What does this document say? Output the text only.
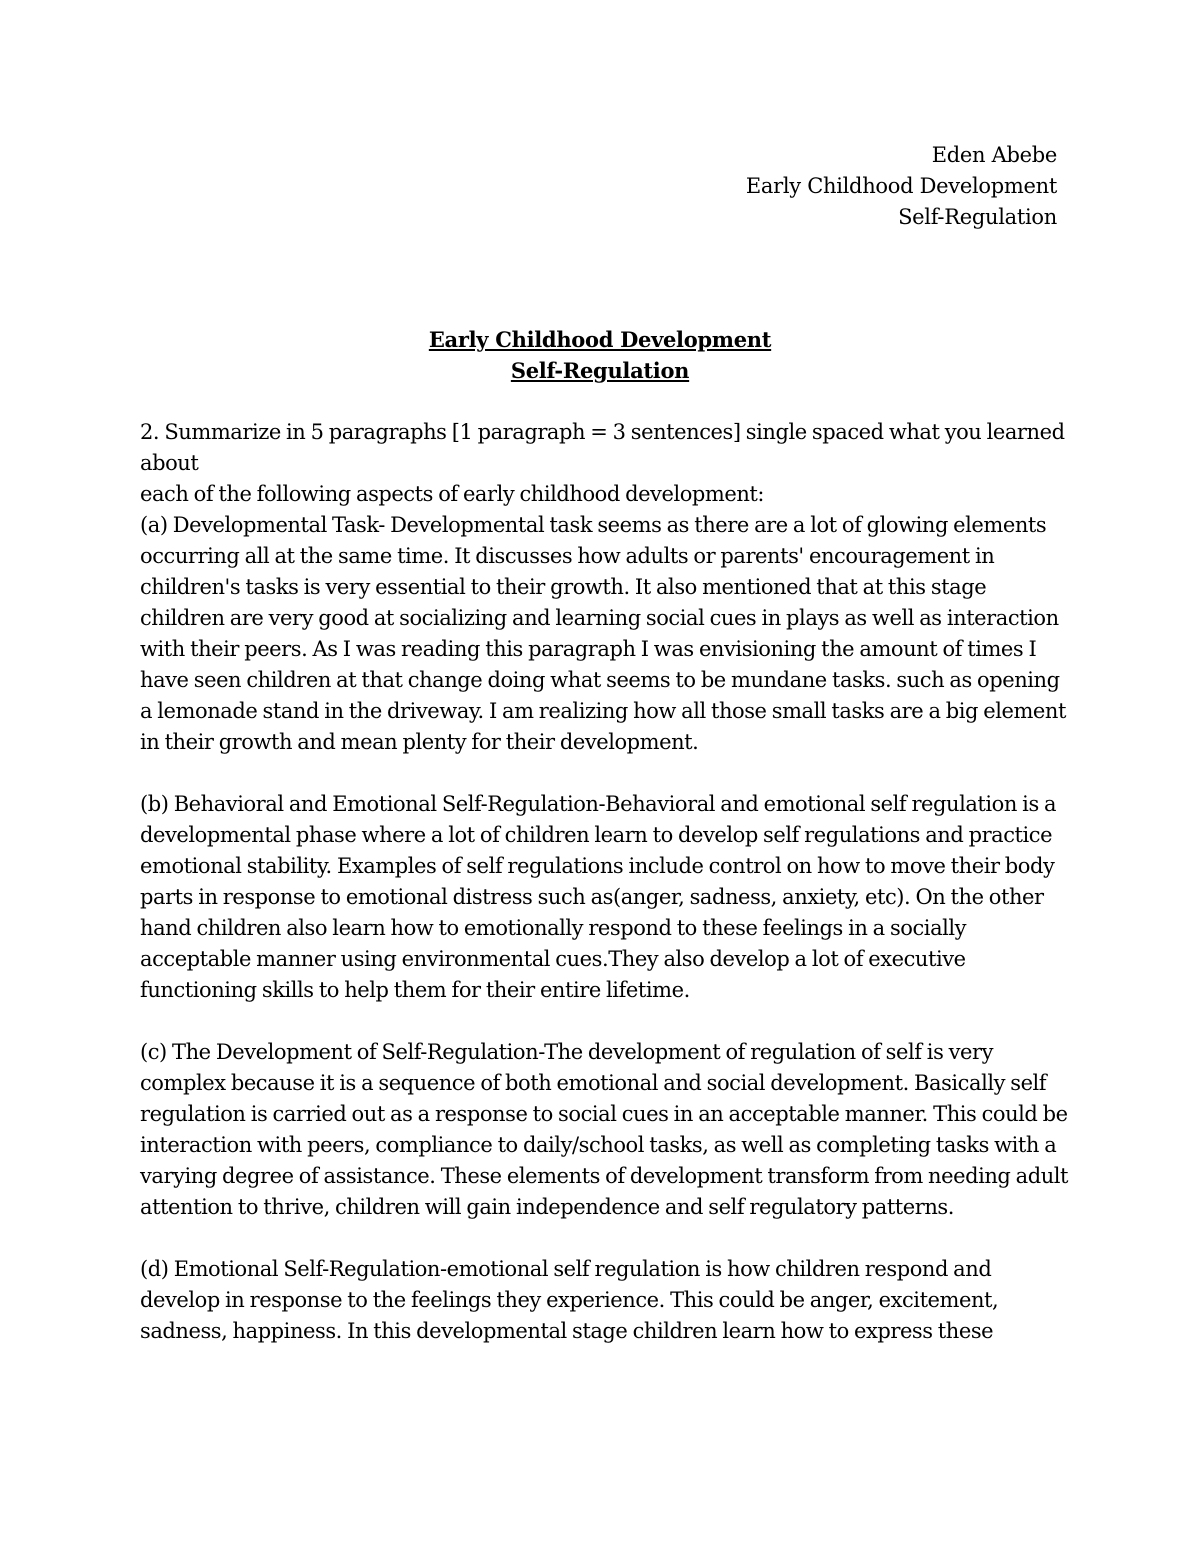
Eden Abebe
Early Childhood Development
Self-Regulation
Early Childhood Development
Self-Regulation

2. Summarize in 5 paragraphs [1 paragraph = 3 sentences] single spaced what you learned about

each of the following aspects of early childhood development:

(a) Developmental Task- Developmental task seems as there are a lot of glowing elements occurring all at the same time. It discusses how adults or parents' encouragement in children's tasks is very essential to their growth. It also mentioned that at this stage children are very good at socializing and learning social cues in plays as well as interaction with their peers. As I was reading this paragraph I was envisioning the amount of times I have seen children at that change doing what seems to be mundane tasks. such as opening a lemonade stand in the driveway. I am realizing how all those small tasks are a big element in their growth and mean plenty for their development.

(b) Behavioral and Emotional Self-Regulation-Behavioral and emotional self regulation is a developmental phase where a lot of children learn to develop self regulations and practice emotional stability. Examples of self regulations include control on how to move their body parts in response to emotional distress such as(anger, sadness, anxiety, etc). On the other hand children also learn how to emotionally respond to these feelings in a socially acceptable manner using environmental cues.They also develop a lot of executive functioning skills to help them for their entire lifetime.

(c) The Development of Self-Regulation-The development of regulation of self is very complex because it is a sequence of both emotional and social development. Basically self regulation is carried out as a response to social cues in an acceptable manner. This could be interaction with peers, compliance to daily/school tasks, as well as completing tasks with a varying degree of assistance. These elements of development transform from needing adult attention to thrive, children will gain independence and self regulatory patterns.

(d) Emotional Self-Regulation-emotional self regulation is how children respond and develop in response to the feelings they experience. This could be anger, excitement, sadness, happiness. In this developmental stage children learn how to express these
